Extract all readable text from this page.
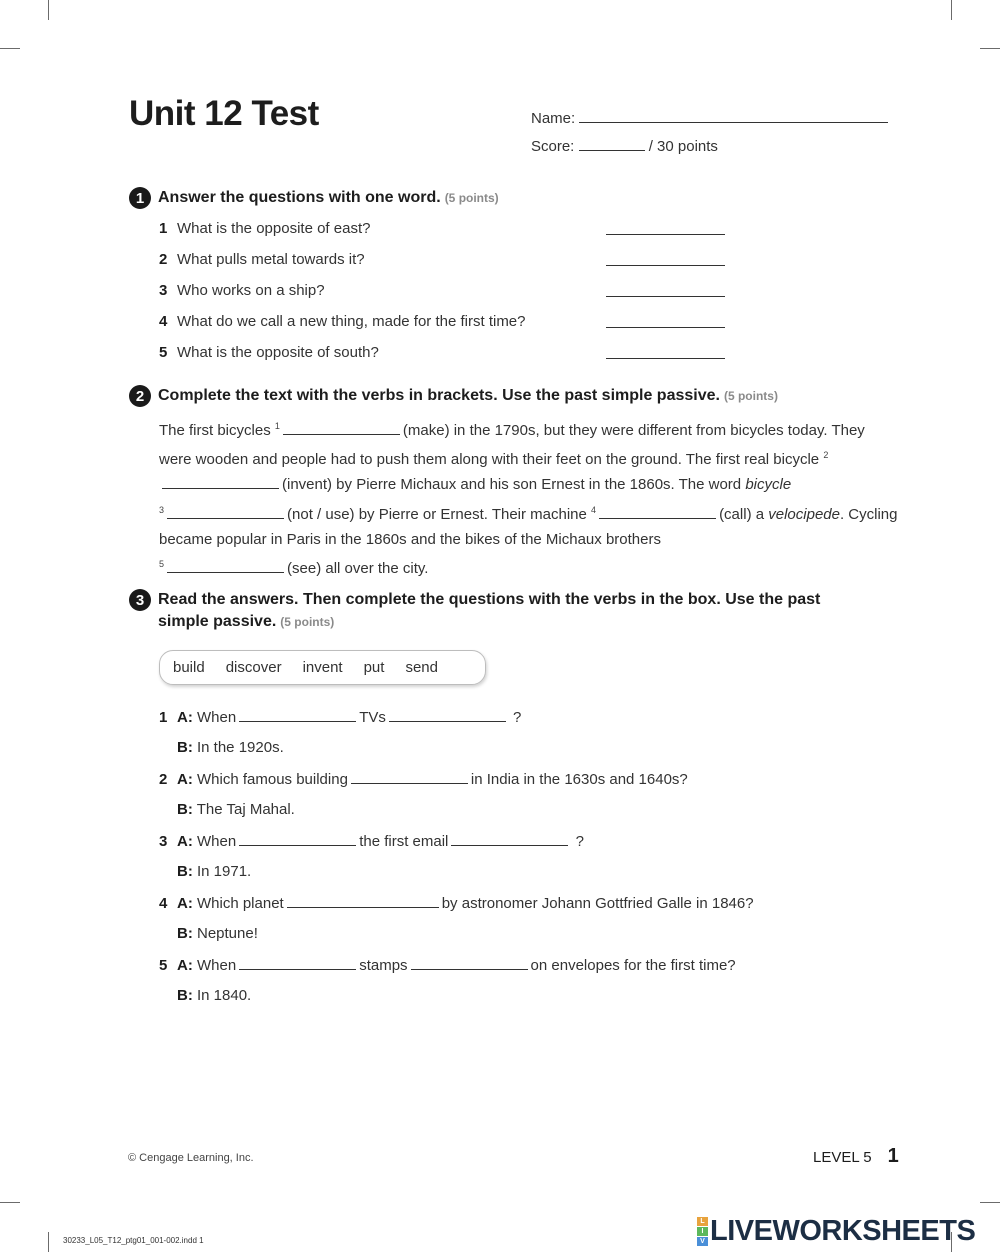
Unit 12 Test	Name:
Score:	/ 30 points
1 Answer the questions with one word. (5 points)
1 What is the opposite of east?
2 What pulls metal towards it?
3 Who works on a ship?
4 What do we call a new thing, made for the first time?
5 What is the opposite of south?
2 Complete the text with the verbs in brackets. Use the past simple passive. (5 points)
The first bicycles $^1$	(make) in the 1790s, but they were different from bicycles today. They were wooden and people had to push them along with their feet on the ground. The first real bicycle $^2$(invent) by Pierre Michaux and his son Ernest in the 1860s. The word bicycle
$^3$	(not / use) by Pierre or Ernest. Their machine $^4$	(call) a velocipede. Cycling became popular in Paris in the 1860s and the bikes of the Michaux brothers
$^5$	(see) all over the city.
3 Read the answers. Then complete the questions with the verbs in the box. Use the past
simple passive. (5 points)
build discover invent put send
1 A: When	TVs	?
B: In the 1920s.
2 A: Which famous building	in India in the 1630s and 1640s?
B: The Taj Mahal.
3 A: When	the first email	?
B: In 1971.
4 A: Which planet	by astronomer Johann Gottfried Galle in 1846?
B: Neptune!
5 A: When	stamps	on envelopes for the first time?
B: In 1840.
© Cengage Learning, Inc.	LEVEL 5 1
30233_L05_T12_ptg01_001-002.indd 1
L
I
V LIVEWORKSHEETS
